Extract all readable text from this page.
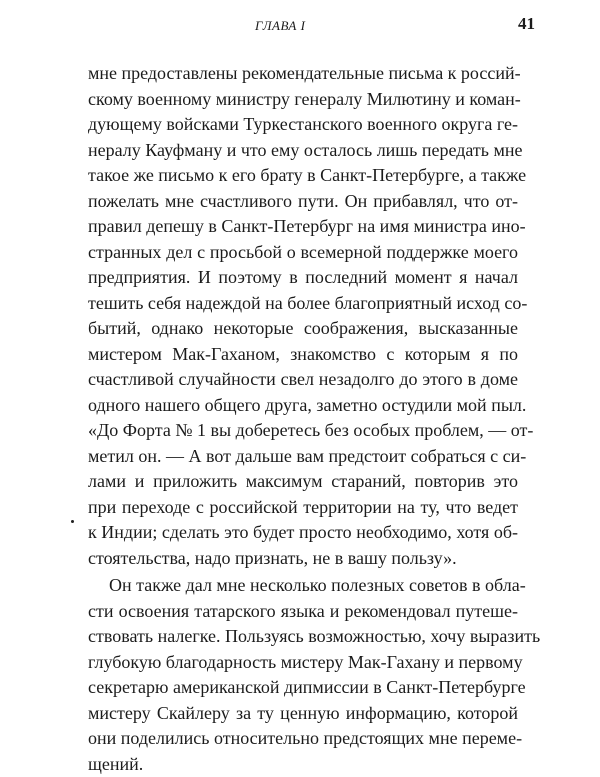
ГЛАВА I	41
мне предоставлены рекомендательные письма к россий-
скому военному министру генералу Милютину и коман-
дующему войсками Туркестанского военного округа ге-
нералу Кауфману и что ему осталось лишь передать мне
такое же письмо к его брату в Санкт-Петербурге, а также
пожелать мне счастливого пути. Он прибавлял, что от-
правил депешу в Санкт-Петербург на имя министра ино-
странных дел с просьбой о всемерной поддержке моего
предприятия. И поэтому в последний момент я начал
тешить себя надеждой на более благоприятный исход со-
бытий, однако некоторые соображения, высказанные
мистером Мак-Гаханом, знакомство с которым я по
счастливой случайности свел незадолго до этого в доме
одного нашего общего друга, заметно остудили мой пыл.
«До Форта № 1 вы доберетесь без особых проблем, — от-
метил он. — А вот дальше вам предстоит собраться с си-
лами и приложить максимум стараний, повторив это
при переходе с российской территории на ту, что ведет
к Индии; сделать это будет просто необходимо, хотя об-
стоятельства, надо признать, не в вашу пользу».
Он также дал мне несколько полезных советов в обла-
сти освоения татарского языка и рекомендовал путеше-
ствовать налегке. Пользуясь возможностью, хочу выразить
глубокую благодарность мистеру Мак-Гахану и первому
секретарю американской дипмиссии в Санкт-Петербурге
мистеру Скайлеру за ту ценную информацию, которой
они поделились относительно предстоящих мне переме-
щений.
